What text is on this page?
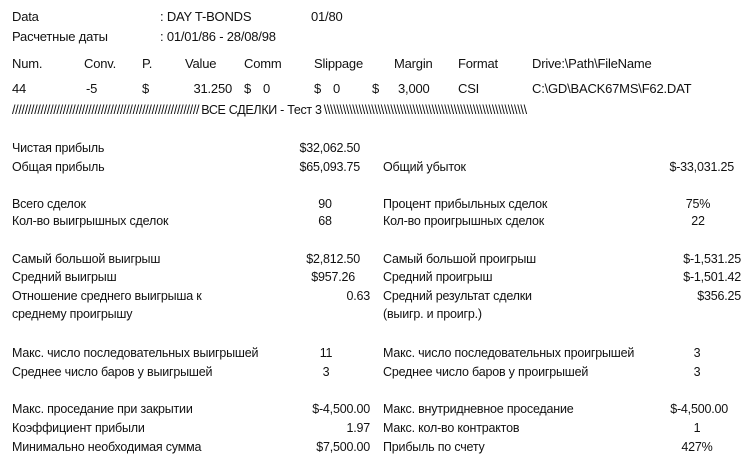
Data	: DAY T-BONDS	01/80
Расчетные даты	: 01/01/86 - 28/08/98
Num.	Conv. P.	Value Comm	Slippage Margin Format	Drive:\Path\FileName
44	-5	$	31.250 $ 0	$ 0 $ 3,000 CSI	C:\GD\BACK67MS\F62.DAT
/////////////////////////////////////////////////////////// ВСЕ СДЕЛКИ - Тест 3 \\\\\\\\\\\\\\\\\\\\\\\\\\\\\\\\\\\\\\\\\\\\\\\\\\\\\\\\\\\\\\\\
Чистая прибыль	$32,062.50
Общая прибыль	$65,093.75 Общий убыток	$-33,031.25
Всего сделок	90	Процент прибыльных сделок	75%
Кол-во выигрышных сделок	68	Кол-во проигрышных сделок	22
Самый большой выигрыш	$2,812.50 Самый большой проигрыш	$-1,531.25
Средний выигрыш	$957.26 Средний проигрыш	$-1,501.42
Отношение среднего выигрыша к	0.63 Средний результат сделки	$356.25
среднему проигрышу	(выигр. и проигр.)
Макс. число последовательных выигрышей	11	Макс. число последовательных проигрышей	3
Среднее число баров у выигрышей	3	Среднее число баров у проигрышей	3
Макс. проседание при закрытии	$-4,500.00 Макс. внутридневное проседание	$-4,500.00
Коэффициент прибыли	1.97 Макс. кол-во контрактов	1
Минимально необходимая сумма	$7,500.00 Прибыль по счету	427%
